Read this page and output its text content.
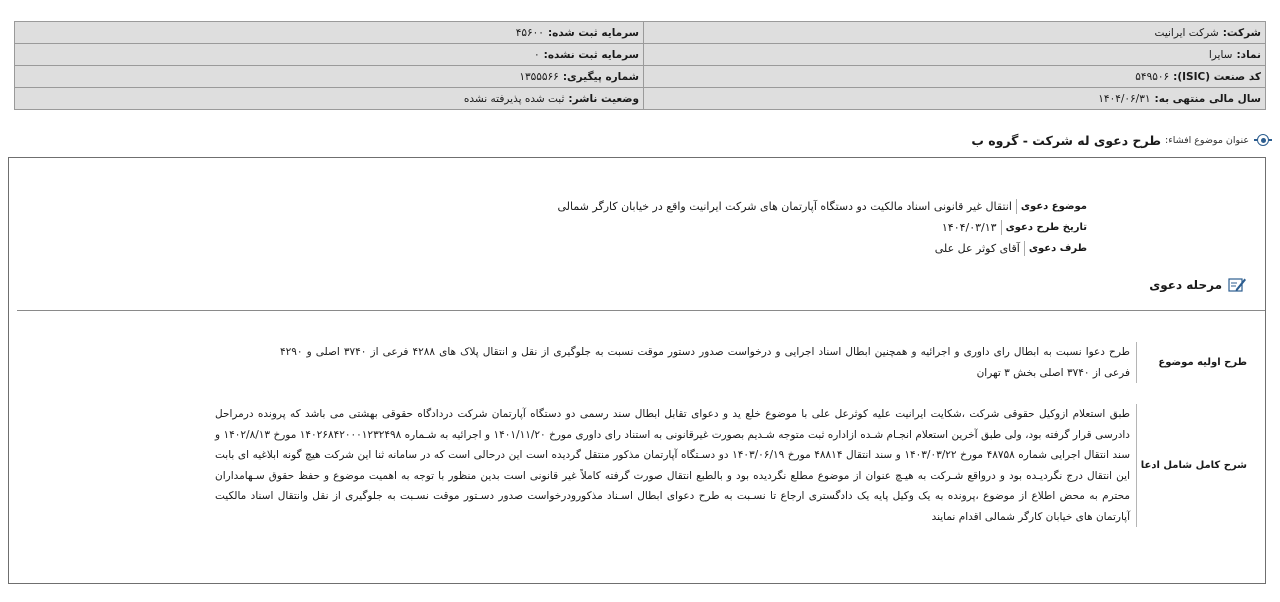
شرکت:شرکت ایرانیت	سرمایه ثبت شده:۴۵۶۰۰
نماد:سایرا	سرمایه ثبت نشده:۰
کد صنعت (ISIC):۵۴۹۵۰۶	شماره پیگیری:۱۳۵۵۵۶۶
سال مالی منتهی به:۱۴۰۴/۰۶/۳۱	وضعیت ناشر:ثبت شده پذیرفته نشده
عنوان موضوع افشاء:
طرح دعوی له شرکت - گروه ب
موضوع دعوی
انتقال غیر قانونی اسناد مالکیت دو دستگاه آپارتمان های شرکت ایرانیت واقع در خیابان کارگر شمالی
تاریخ طرح دعوی
۱۴۰۴/۰۳/۱۳
طرف دعوی
آقای کوثر عل علی
مرحله دعوی
طرح اولیه موضوع
طرح دعوا نسبت به ابطال رای داوری و اجرائیه و همچنین ابطال اسناد اجرایی و درخواست صدور دستور موقت نسبت به جلوگیری از نقل و انتقال پلاک های ۴۲۸۸ فرعی از ۳۷۴۰ اصلی و ۴۲۹۰ فرعی از ۳۷۴۰ اصلی بخش ۳ تهران
شرح کامل شامل ادعا
طبق استعلام ازوکیل حقوقی شرکت ،شکایت ایرانیت علیه کوثرعل علی با موضوع خلع ید و دعوای تقابل ابطال سند رسمی دو دستگاه آپارتمان شرکت دردادگاه حقوقی بهشتی می باشد که پرونده درمراحل دادرسی قرار گرفته بود، ولی طبق آخرین استعلام انجـام شـده ازاداره ثبت متوجه شـدیم بصورت غیرقانونی به استناد رای داوری مورخ ۱۴۰۱/۱۱/۲۰ و اجرائیه به شـماره ۱۴۰۲۶۸۴۲۰۰۰۱۲۳۲۴۹۸ مورخ ۱۴۰۲/۸/۱۳ و سند انتقال اجرایی شماره ۴۸۷۵۸ مورخ ۱۴۰۳/۰۳/۲۲ و سند انتقال ۴۸۸۱۴ مورخ ۱۴۰۳/۰۶/۱۹ دو دسـتگاه آپارتمان مذکور منتقل گردیده است این درحالی است که در سامانه ثنا این شرکت هیچ گونه ابلاغیه ای بابت این انتقال درج نگردیـده بود و درواقع شـرکت به هیـچ عنوان از موضوع مطلع نگردیده بود و بالطبع انتقال صورت گرفته کاملاً غیر قانونی است بدین منظور با توجه به اهمیت موضوع و حفظ حقوق سـهامداران محترم به محض اطلاع از موضوع ،پرونده به یک وکیل پایه یک دادگستری ارجاع تا نسـبت به طرح دعوای ابطال اسـناد مذکورودرخواست صدور دسـتور موقت نسـبت به جلوگیری از نقل وانتقال اسناد مالکیت آپارتمان های خیابان کارگر شمالی اقدام نمایند
